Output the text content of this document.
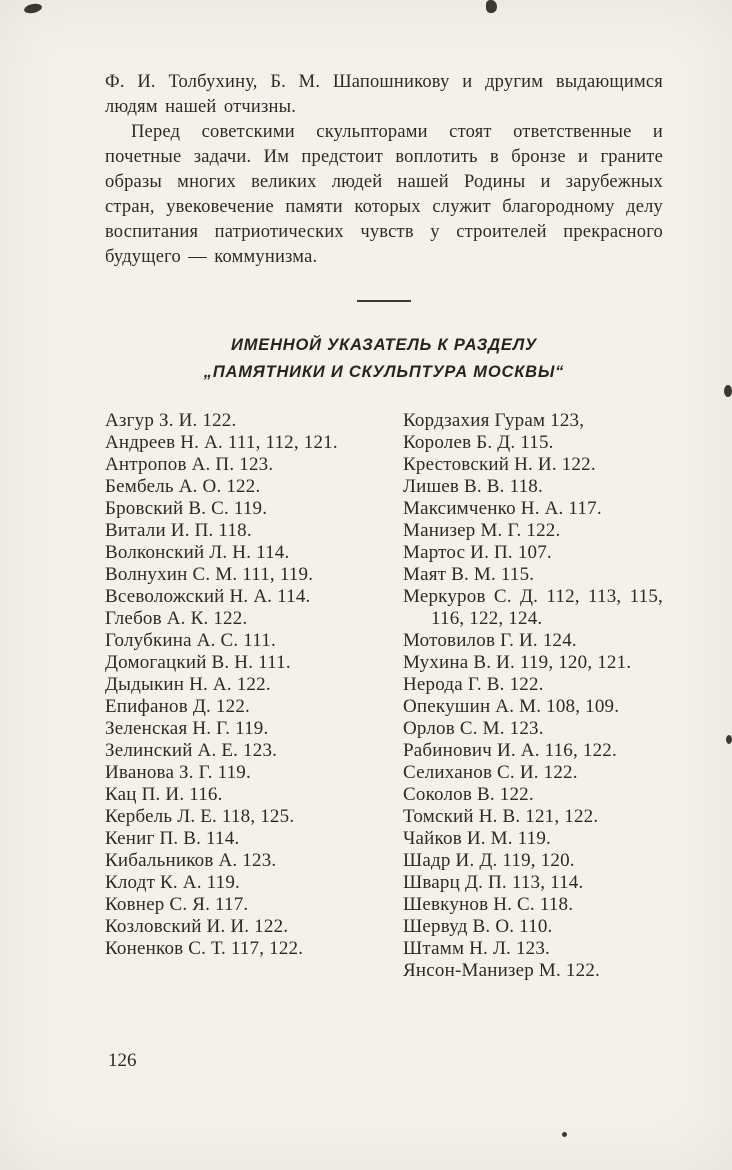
Ф. И. Толбухину, Б. М. Шапошникову и другим выдающимся людям нашей отчизны.

Перед советскими скульпторами стоят ответственные и почетные задачи. Им предстоит воплотить в бронзе и граните образы многих великих людей нашей Родины и зарубежных стран, увековечение памяти которых служит благородному делу воспитания патриотических чувств у строителей прекрасного будущего — коммунизма.

ИМЕННОЙ УКАЗАТЕЛЬ К РАЗДЕЛУ
„ПАМЯТНИКИ И СКУЛЬПТУРА МОСКВЫ“
Азгур З. И. 122.
Андреев Н. А. 111, 112, 121.
Антропов А. П. 123.
Бембель А. О. 122.
Бровский В. С. 119.
Витали И. П. 118.
Волконский Л. Н. 114.
Волнухин С. М. 111, 119.
Всеволожский Н. А. 114.
Глебов А. К. 122.
Голубкина А. С. 111.
Домогацкий В. Н. 111.
Дыдыкин Н. А. 122.
Епифанов Д. 122.
Зеленская Н. Г. 119.
Зелинский А. Е. 123.
Иванова З. Г. 119.
Кац П. И. 116.
Кербель Л. Е. 118, 125.
Кениг П. В. 114.
Кибальников А. 123.
Клодт К. А. 119.
Ковнер С. Я. 117.
Козловский И. И. 122.
Коненков С. Т. 117, 122.
Кордзахия Гурам 123,
Королев Б. Д. 115.
Крестовский Н. И. 122.
Лишев В. В. 118.
Максимченко Н. А. 117.
Манизер М. Г. 122.
Мартос И. П. 107.
Маят В. М. 115.
Меркуров С. Д. 112, 113, 115, 116, 122, 124.
Мотовилов Г. И. 124.
Мухина В. И. 119, 120, 121.
Нерода Г. В. 122.
Опекушин А. М. 108, 109.
Орлов С. М. 123.
Рабинович И. А. 116, 122.
Селиханов С. И. 122.
Соколов В. 122.
Томский Н. В. 121, 122.
Чайков И. М. 119.
Шадр И. Д. 119, 120.
Шварц Д. П. 113, 114.
Шевкунов Н. С. 118.
Шервуд В. О. 110.
Штамм Н. Л. 123.
Янсон-Манизер М. 122.
126
